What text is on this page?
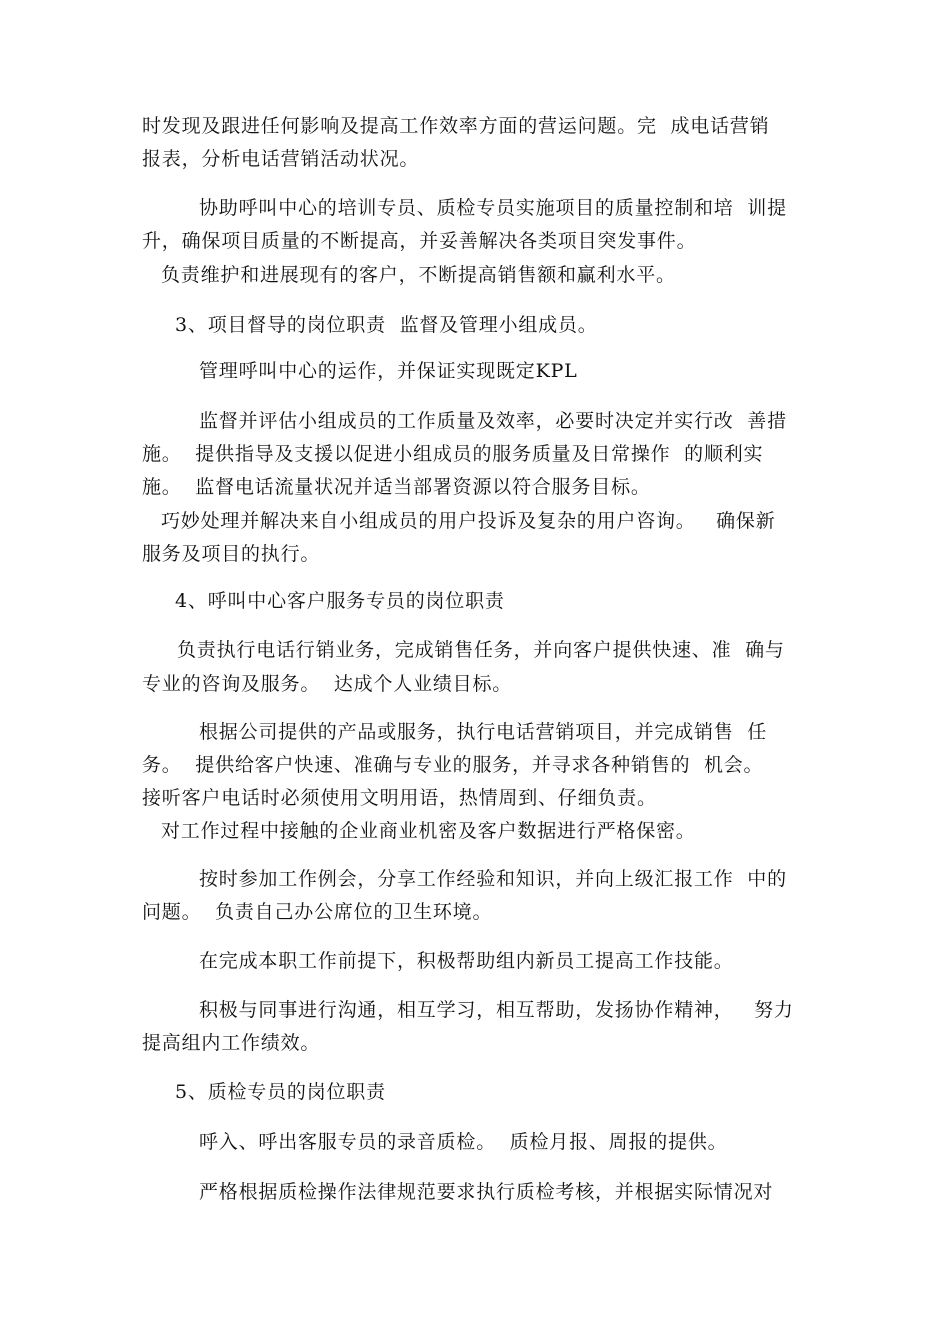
时发现及跟进任何影响及提高工作效率方面的营运问题。完  成电话营销
报表，分析电话营销活动状况。
协助呼叫中心的培训专员、质检专员实施项目的质量控制和培  训提
升，确保项目质量的不断提高，并妥善解决各类项目突发事件。
负责维护和进展现有的客户，不断提高销售额和赢利水平。
3、项目督导的岗位职责  监督及管理小组成员。
管理呼叫中心的运作，并保证实现既定KPL
监督并评估小组成员的工作质量及效率，必要时决定并实行改  善措
施。  提供指导及支援以促进小组成员的服务质量及日常操作  的顺利实
施。  监督电话流量状况并适当部署资源以符合服务目标。
巧妙处理并解决来自小组成员的用户投诉及复杂的用户咨询。   确保新
服务及项目的执行。
4、呼叫中心客户服务专员的岗位职责
负责执行电话行销业务，完成销售任务，并向客户提供快速、准  确与
专业的咨询及服务。  达成个人业绩目标。
根据公司提供的产品或服务，执行电话营销项目，并完成销售  任
务。  提供给客户快速、准确与专业的服务，并寻求各种销售的  机会。
接听客户电话时必须使用文明用语，热情周到、仔细负责。
对工作过程中接触的企业商业机密及客户数据进行严格保密。
按时参加工作例会，分享工作经验和知识，并向上级汇报工作  中的
问题。  负责自己办公席位的卫生环境。
在完成本职工作前提下，积极帮助组内新员工提高工作技能。
积极与同事进行沟通，相互学习，相互帮助，发扬协作精神，   努力
提高组内工作绩效。
5、质检专员的岗位职责
呼入、呼出客服专员的录音质检。  质检月报、周报的提供。
严格根据质检操作法律规范要求执行质检考核，并根据实际情况对
